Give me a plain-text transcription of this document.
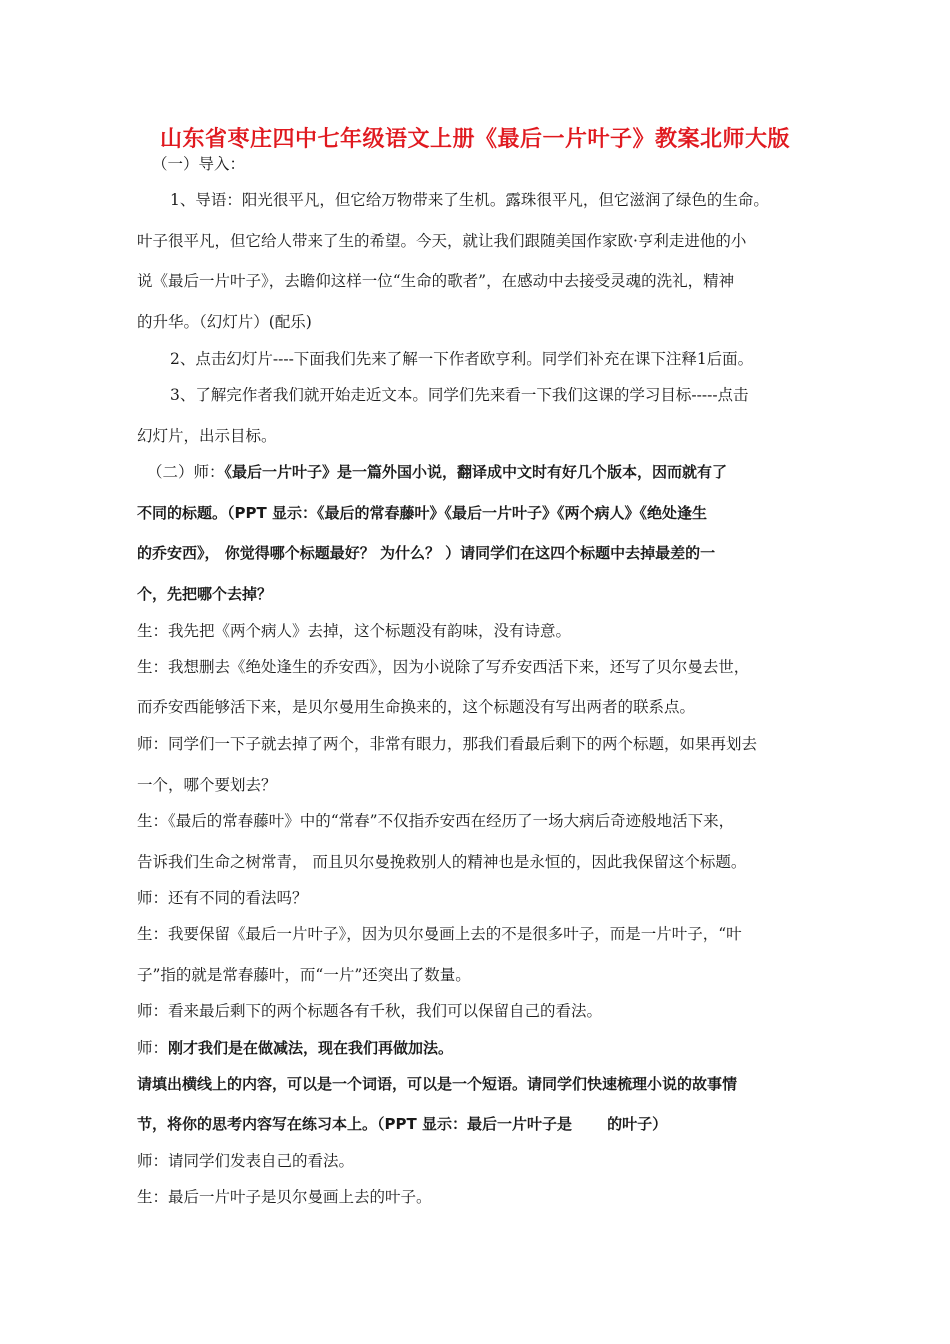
山东省枣庄四中七年级语文上册《最后一片叶子》教案北师大版
（一）导入：
1、导语：阳光很平凡，但它给万物带来了生机。露珠很平凡，但它滋润了绿色的生命。
叶子很平凡，但它给人带来了生的希望。今天，就让我们跟随美国作家欧·亨利走进他的小
说《最后一片叶子》，去瞻仰这样一位“生命的歌者”，在感动中去接受灵魂的洗礼，精神
的升华。（幻灯片）(配乐)
2、点击幻灯片----下面我们先来了解一下作者欧亨利。同学们补充在课下注释1后面。
3、了解完作者我们就开始走近文本。同学们先来看一下我们这课的学习目标-----点击
幻灯片，出示目标。
（二）师：《最后一片叶子》是一篇外国小说，翻译成中文时有好几个版本，因而就有了
不同的标题。（PPT 显示：《最后的常春藤叶》《最后一片叶子》《两个病人》《绝处逢生
的乔安西》， 你觉得哪个标题最好？ 为什么？ ）请同学们在这四个标题中去掉最差的一
个，先把哪个去掉？
生：我先把《两个病人》去掉，这个标题没有韵味，没有诗意。
生：我想删去《绝处逢生的乔安西》，因为小说除了写乔安西活下来，还写了贝尔曼去世，
而乔安西能够活下来，是贝尔曼用生命换来的，这个标题没有写出两者的联系点。
师：同学们一下子就去掉了两个，非常有眼力，那我们看最后剩下的两个标题，如果再划去
一个，哪个要划去？
生：《最后的常春藤叶》中的“常春”不仅指乔安西在经历了一场大病后奇迹般地活下来，
告诉我们生命之树常青， 而且贝尔曼挽救别人的精神也是永恒的，因此我保留这个标题。
师：还有不同的看法吗？
生：我要保留《最后一片叶子》，因为贝尔曼画上去的不是很多叶子，而是一片叶子，“叶
子”指的就是常春藤叶，而“一片”还突出了数量。
师：看来最后剩下的两个标题各有千秋，我们可以保留自己的看法。
师：刚才我们是在做减法，现在我们再做加法。
请填出横线上的内容，可以是一个词语，可以是一个短语。请同学们快速梳理小说的故事情
节，将你的思考内容写在练习本上。（PPT 显示：最后一片叶子是　　 的叶子）
师：请同学们发表自己的看法。
生：最后一片叶子是贝尔曼画上去的叶子。
